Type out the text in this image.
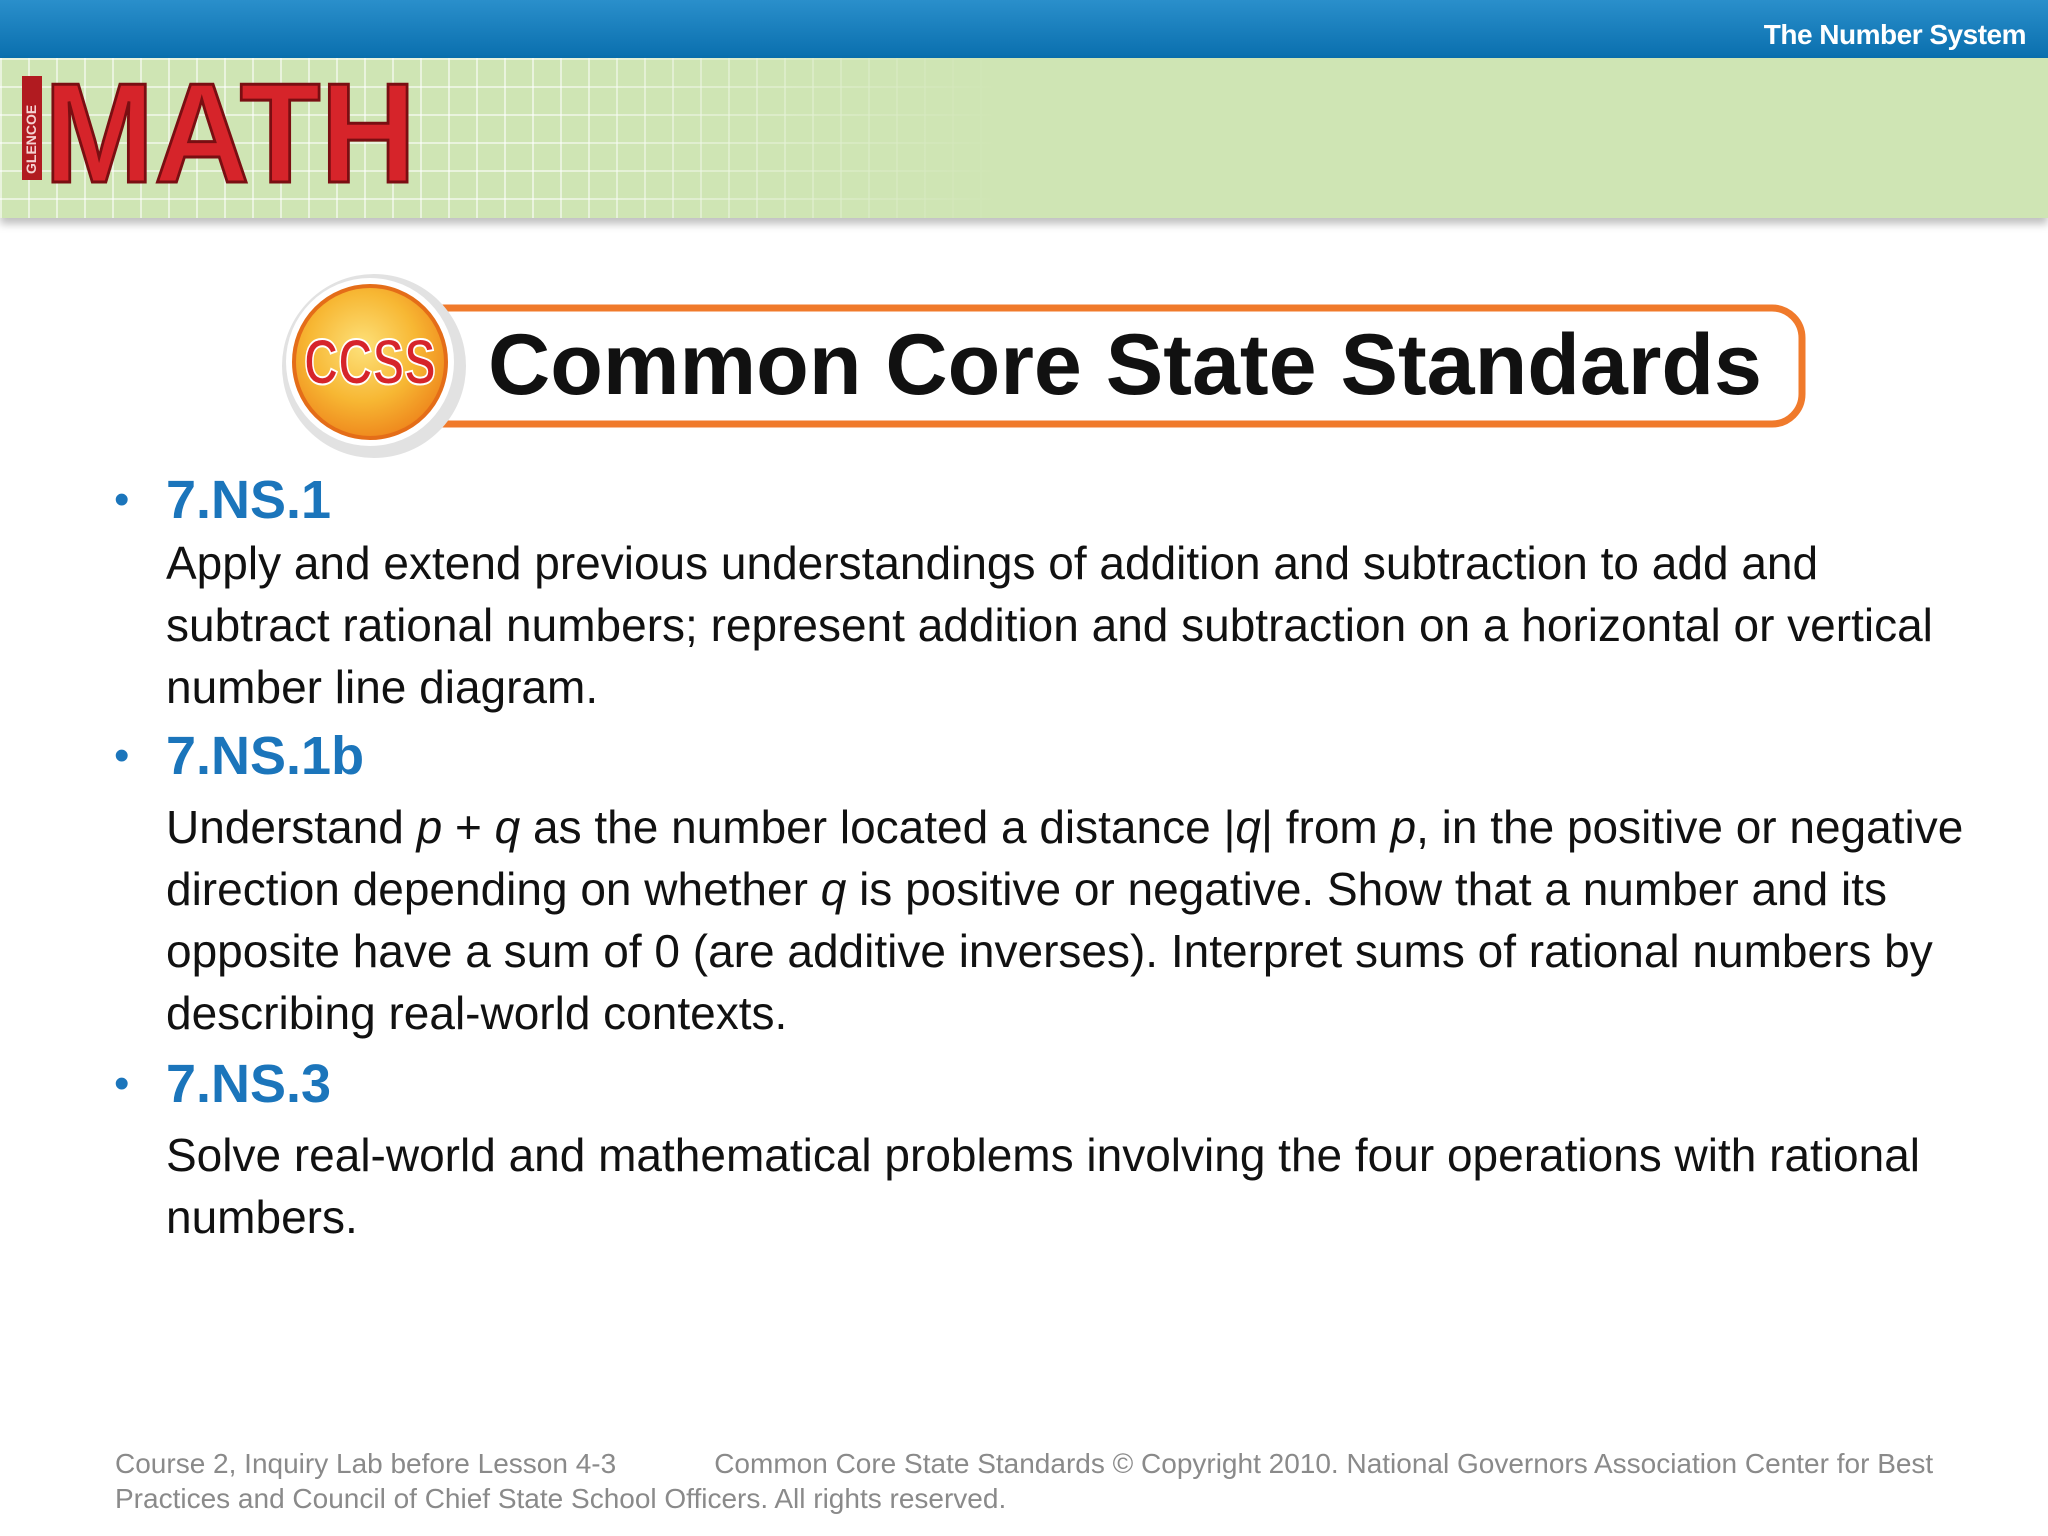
The Number System
GLENCOE MATH
Common Core State Standards
CCSS
• 7.NS.1
Apply and extend previous understandings of addition and subtraction to add and subtract rational numbers; represent addition and subtraction on a horizontal or vertical number line diagram.
• 7.NS.1b
Understand p + q as the number located a distance |q| from p, in the positive or negative direction depending on whether q is positive or negative. Show that a number and its opposite have a sum of 0 (are additive inverses). Interpret sums of rational numbers by describing real-world contexts.
• 7.NS.3
Solve real-world and mathematical problems involving the four operations with rational numbers.
Course 2, Inquiry Lab before Lesson 4-3    	Common Core State Standards © Copyright 2010. National Governors Association Center for Best Practices and Council of Chief State School Officers. All rights reserved.
